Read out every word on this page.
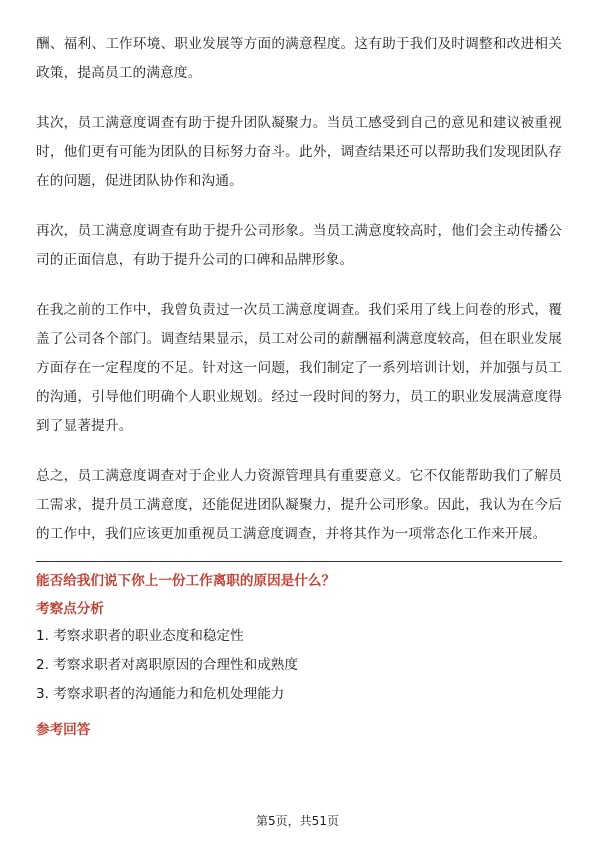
酬、福利、工作环境、职业发展等方面的满意程度。这有助于我们及时调整和改进相关政策，提高员工的满意度。

其次，员工满意度调查有助于提升团队凝聚力。当员工感受到自己的意见和建议被重视时，他们更有可能为团队的目标努力奋斗。此外，调查结果还可以帮助我们发现团队存在的问题，促进团队协作和沟通。

再次，员工满意度调查有助于提升公司形象。当员工满意度较高时，他们会主动传播公司的正面信息，有助于提升公司的口碑和品牌形象。

在我之前的工作中，我曾负责过一次员工满意度调查。我们采用了线上问卷的形式，覆盖了公司各个部门。调查结果显示，员工对公司的薪酬福利满意度较高，但在职业发展方面存在一定程度的不足。针对这一问题，我们制定了一系列培训计划，并加强与员工的沟通，引导他们明确个人职业规划。经过一段时间的努力，员工的职业发展满意度得到了显著提升。

总之，员工满意度调查对于企业人力资源管理具有重要意义。它不仅能帮助我们了解员工需求，提升员工满意度，还能促进团队凝聚力，提升公司形象。因此，我认为在今后的工作中，我们应该更加重视员工满意度调查，并将其作为一项常态化工作来开展。

能否给我们说下你上一份工作离职的原因是什么？
考察点分析
1. 考察求职者的职业态度和稳定性
2. 考察求职者对离职原因的合理性和成熟度
3. 考察求职者的沟通能力和危机处理能力
参考回答
第5页，共51页
